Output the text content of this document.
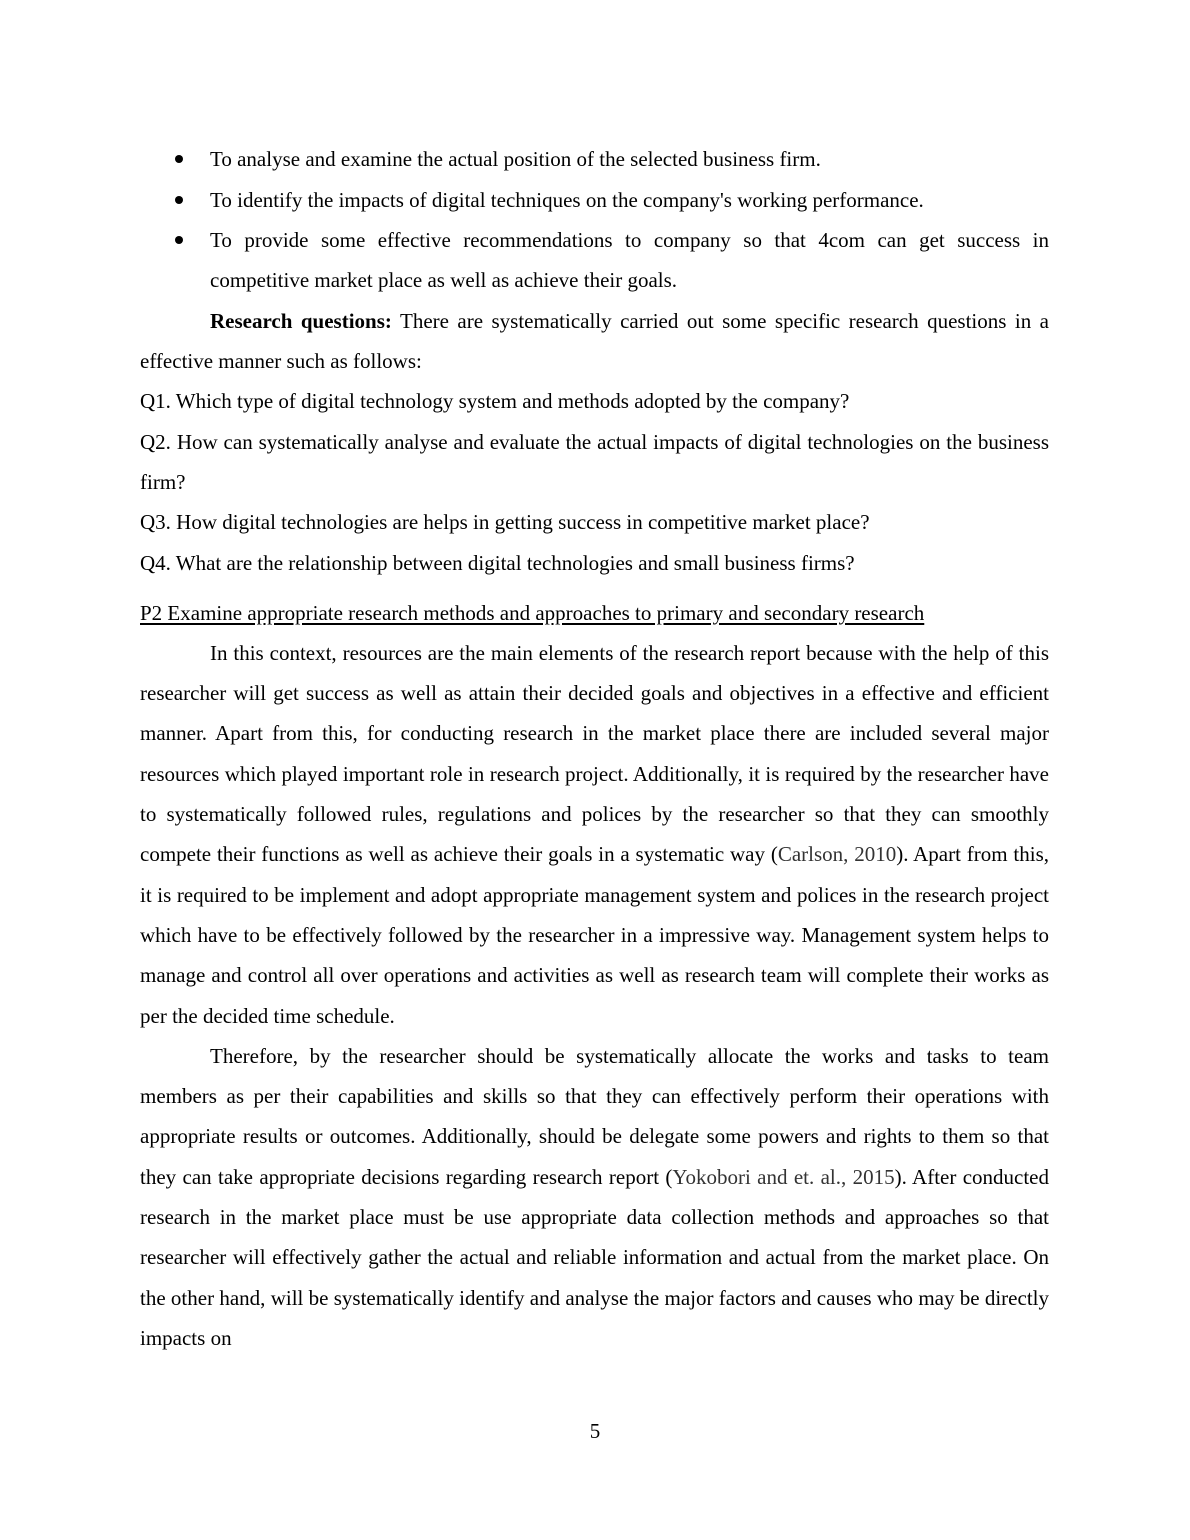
To analyse and examine the actual position of the selected business firm.
To identify the impacts of digital techniques on the company's working performance.
To provide some effective recommendations to company so that 4com can get success in competitive market place as well as achieve their goals.

Research questions: There are systematically carried out some specific research questions in a effective manner such as follows:

Q1. Which type of digital technology system and methods adopted by the company?

Q2. How can systematically analyse and evaluate the actual impacts of digital technologies on the business firm?

Q3. How digital technologies are helps in getting success in competitive market place?

Q4. What are the relationship between digital technologies and small business firms?

P2 Examine appropriate research methods and approaches to primary and secondary research

In this context, resources are the main elements of the research report because with the help of this researcher will get success as well as attain their decided goals and objectives in a effective and efficient manner. Apart from this, for conducting research in the market place there are included several major resources which played important role in research project. Additionally, it is required by the researcher have to systematically followed rules, regulations and polices by the researcher so that they can smoothly compete their functions as well as achieve their goals in a systematic way (Carlson, 2010). Apart from this, it is required to be implement and adopt appropriate management system and polices in the research project which have to be effectively followed by the researcher in a impressive way. Management system helps to manage and control all over operations and activities as well as research team will complete their works as per the decided time schedule.

Therefore, by the researcher should be systematically allocate the works and tasks to team members as per their capabilities and skills so that they can effectively perform their operations with appropriate results or outcomes. Additionally, should be delegate some powers and rights to them so that they can take appropriate decisions regarding research report (Yokobori and et. al., 2015). After conducted research in the market place must be use appropriate data collection methods and approaches so that researcher will effectively gather the actual and reliable information and actual from the market place. On the other hand, will be systematically identify and analyse the major factors and causes who may be directly impacts on

5
